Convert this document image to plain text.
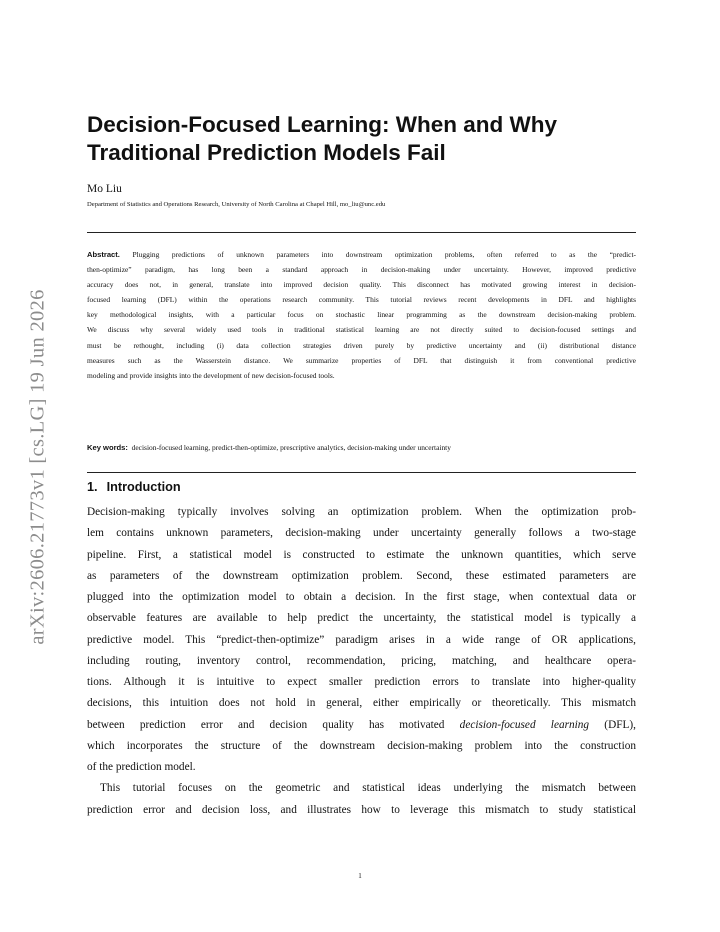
arXiv:2606.21773v1 [cs.LG] 19 Jun 2026
Decision-Focused Learning: When and Why
Traditional Prediction Models Fail
Mo Liu
Department of Statistics and Operations Research, University of North Carolina at Chapel Hill, mo_liu@unc.edu
Abstract. Plugging predictions of unknown parameters into downstream optimization problems, often referred to as the “predict-
then-optimize” paradigm, has long been a standard approach in decision-making under uncertainty. However, improved predictive
accuracy does not, in general, translate into improved decision quality. This disconnect has motivated growing interest in decision-
focused learning (DFL) within the operations research community. This tutorial reviews recent developments in DFL and highlights
key methodological insights, with a particular focus on stochastic linear programming as the downstream decision-making problem.
We discuss why several widely used tools in traditional statistical learning are not directly suited to decision-focused settings and
must be rethought, including (i) data collection strategies driven purely by predictive uncertainty and (ii) distributional distance
measures such as the Wasserstein distance. We summarize properties of DFL that distinguish it from conventional predictive
modeling and provide insights into the development of new decision-focused tools.
Key words: decision-focused learning, predict-then-optimize, prescriptive analytics, decision-making under uncertainty
1. Introduction
Decision-making typically involves solving an optimization problem. When the optimization prob-
lem contains unknown parameters, decision-making under uncertainty generally follows a two-stage
pipeline. First, a statistical model is constructed to estimate the unknown quantities, which serve
as parameters of the downstream optimization problem. Second, these estimated parameters are
plugged into the optimization model to obtain a decision. In the first stage, when contextual data or
observable features are available to help predict the uncertainty, the statistical model is typically a
predictive model. This “predict-then-optimize” paradigm arises in a wide range of OR applications,
including routing, inventory control, recommendation, pricing, matching, and healthcare opera-
tions. Although it is intuitive to expect smaller prediction errors to translate into higher-quality
decisions, this intuition does not hold in general, either empirically or theoretically. This mismatch
between prediction error and decision quality has motivated decision-focused learning (DFL),
which incorporates the structure of the downstream decision-making problem into the construction
of the prediction model.
This tutorial focuses on the geometric and statistical ideas underlying the mismatch between
prediction error and decision loss, and illustrates how to leverage this mismatch to study statistical
1
